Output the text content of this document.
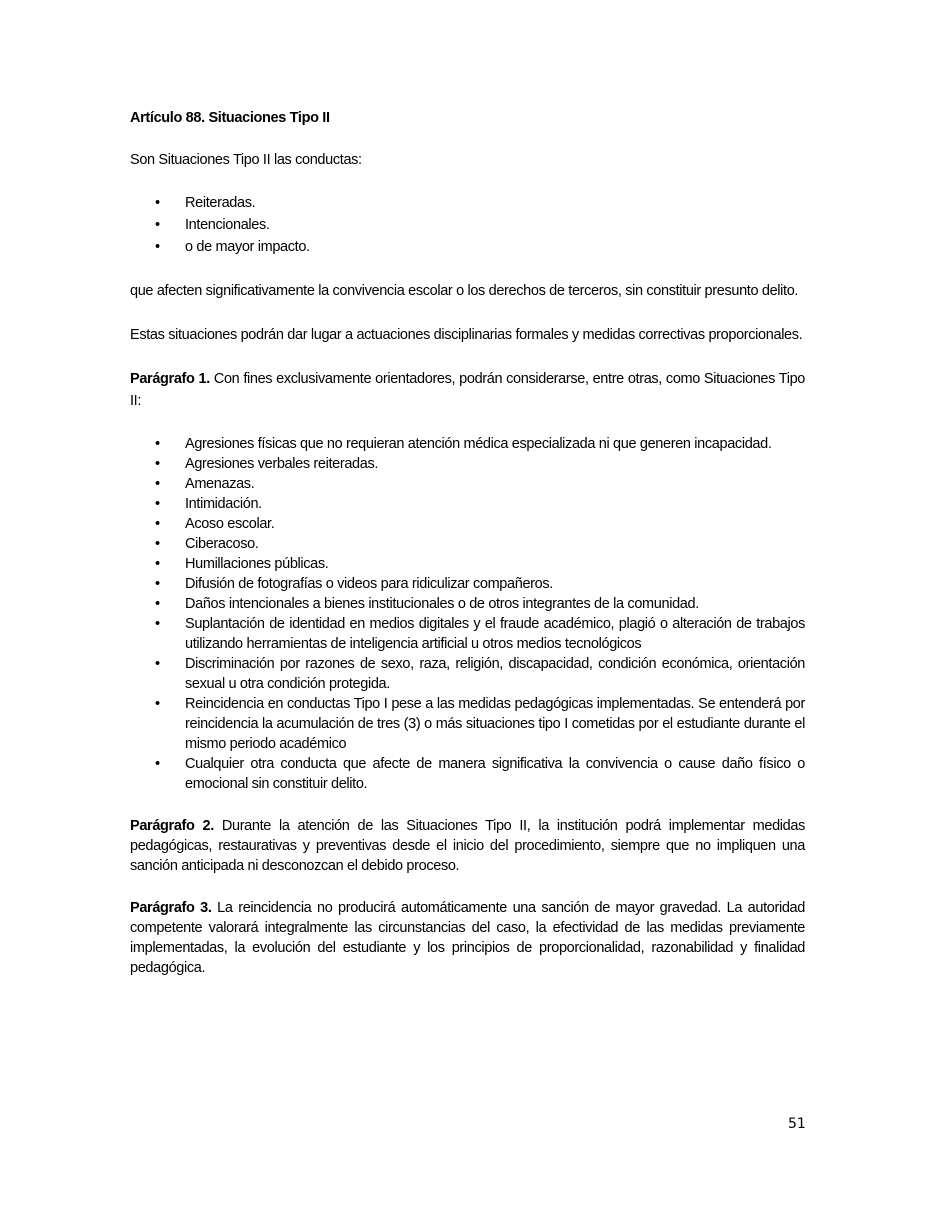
Artículo 88. Situaciones Tipo II

Son Situaciones Tipo II las conductas:

• Reiteradas.
• Intencionales.
• o de mayor impacto.

que afecten significativamente la convivencia escolar o los derechos de terceros, sin constituir presunto delito.

Estas situaciones podrán dar lugar a actuaciones disciplinarias formales y medidas correctivas proporcionales.

Parágrafo 1. Con fines exclusivamente orientadores, podrán considerarse, entre otras, como Situaciones Tipo II:

• Agresiones físicas que no requieran atención médica especializada ni que generen incapacidad.
• Agresiones verbales reiteradas.
• Amenazas.
• Intimidación.
• Acoso escolar.
• Ciberacoso.
• Humillaciones públicas.
• Difusión de fotografías o videos para ridiculizar compañeros.
• Daños intencionales a bienes institucionales o de otros integrantes de la comunidad.
• Suplantación de identidad en medios digitales y el fraude académico, plagió o alteración de trabajos utilizando herramientas de inteligencia artificial u otros medios tecnológicos
• Discriminación por razones de sexo, raza, religión, discapacidad, condición económica, orientación sexual u otra condición protegida.
• Reincidencia en conductas Tipo I pese a las medidas pedagógicas implementadas. Se entenderá por reincidencia la acumulación de tres (3) o más situaciones tipo I cometidas por el estudiante durante el mismo periodo académico
• Cualquier otra conducta que afecte de manera significativa la convivencia o cause daño físico o emocional sin constituir delito.

Parágrafo 2. Durante la atención de las Situaciones Tipo II, la institución podrá implementar medidas pedagógicas, restaurativas y preventivas desde el inicio del procedimiento, siempre que no impliquen una sanción anticipada ni desconozcan el debido proceso.

Parágrafo 3. La reincidencia no producirá automáticamente una sanción de mayor gravedad. La autoridad competente valorará integralmente las circunstancias del caso, la efectividad de las medidas previamente implementadas, la evolución del estudiante y los principios de proporcionalidad, razonabilidad y finalidad pedagógica.

51
